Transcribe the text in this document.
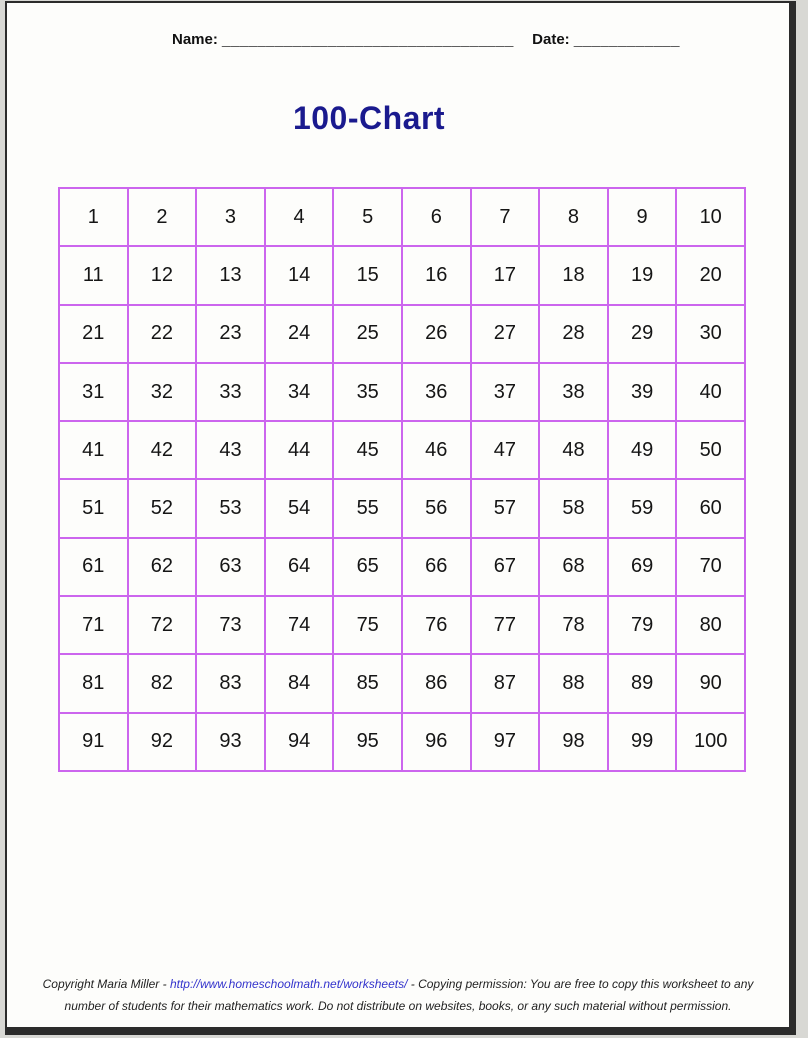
Name: _________________________________ Date: ____________
100-Chart
1	2	3	4	5	6	7	8	9	10
11	12	13	14	15	16	17	18	19	20
21	22	23	24	25	26	27	28	29	30
31	32	33	34	35	36	37	38	39	40
41	42	43	44	45	46	47	48	49	50
51	52	53	54	55	56	57	58	59	60
61	62	63	64	65	66	67	68	69	70
71	72	73	74	75	76	77	78	79	80
81	82	83	84	85	86	87	88	89	90
91	92	93	94	95	96	97	98	99	100
Copyright Maria Miller - http://www.homeschoolmath.net/worksheets/ - Copying permission: You are free to copy this worksheet to any
number of students for their mathematics work. Do not distribute on websites, books, or any such material without permission.
